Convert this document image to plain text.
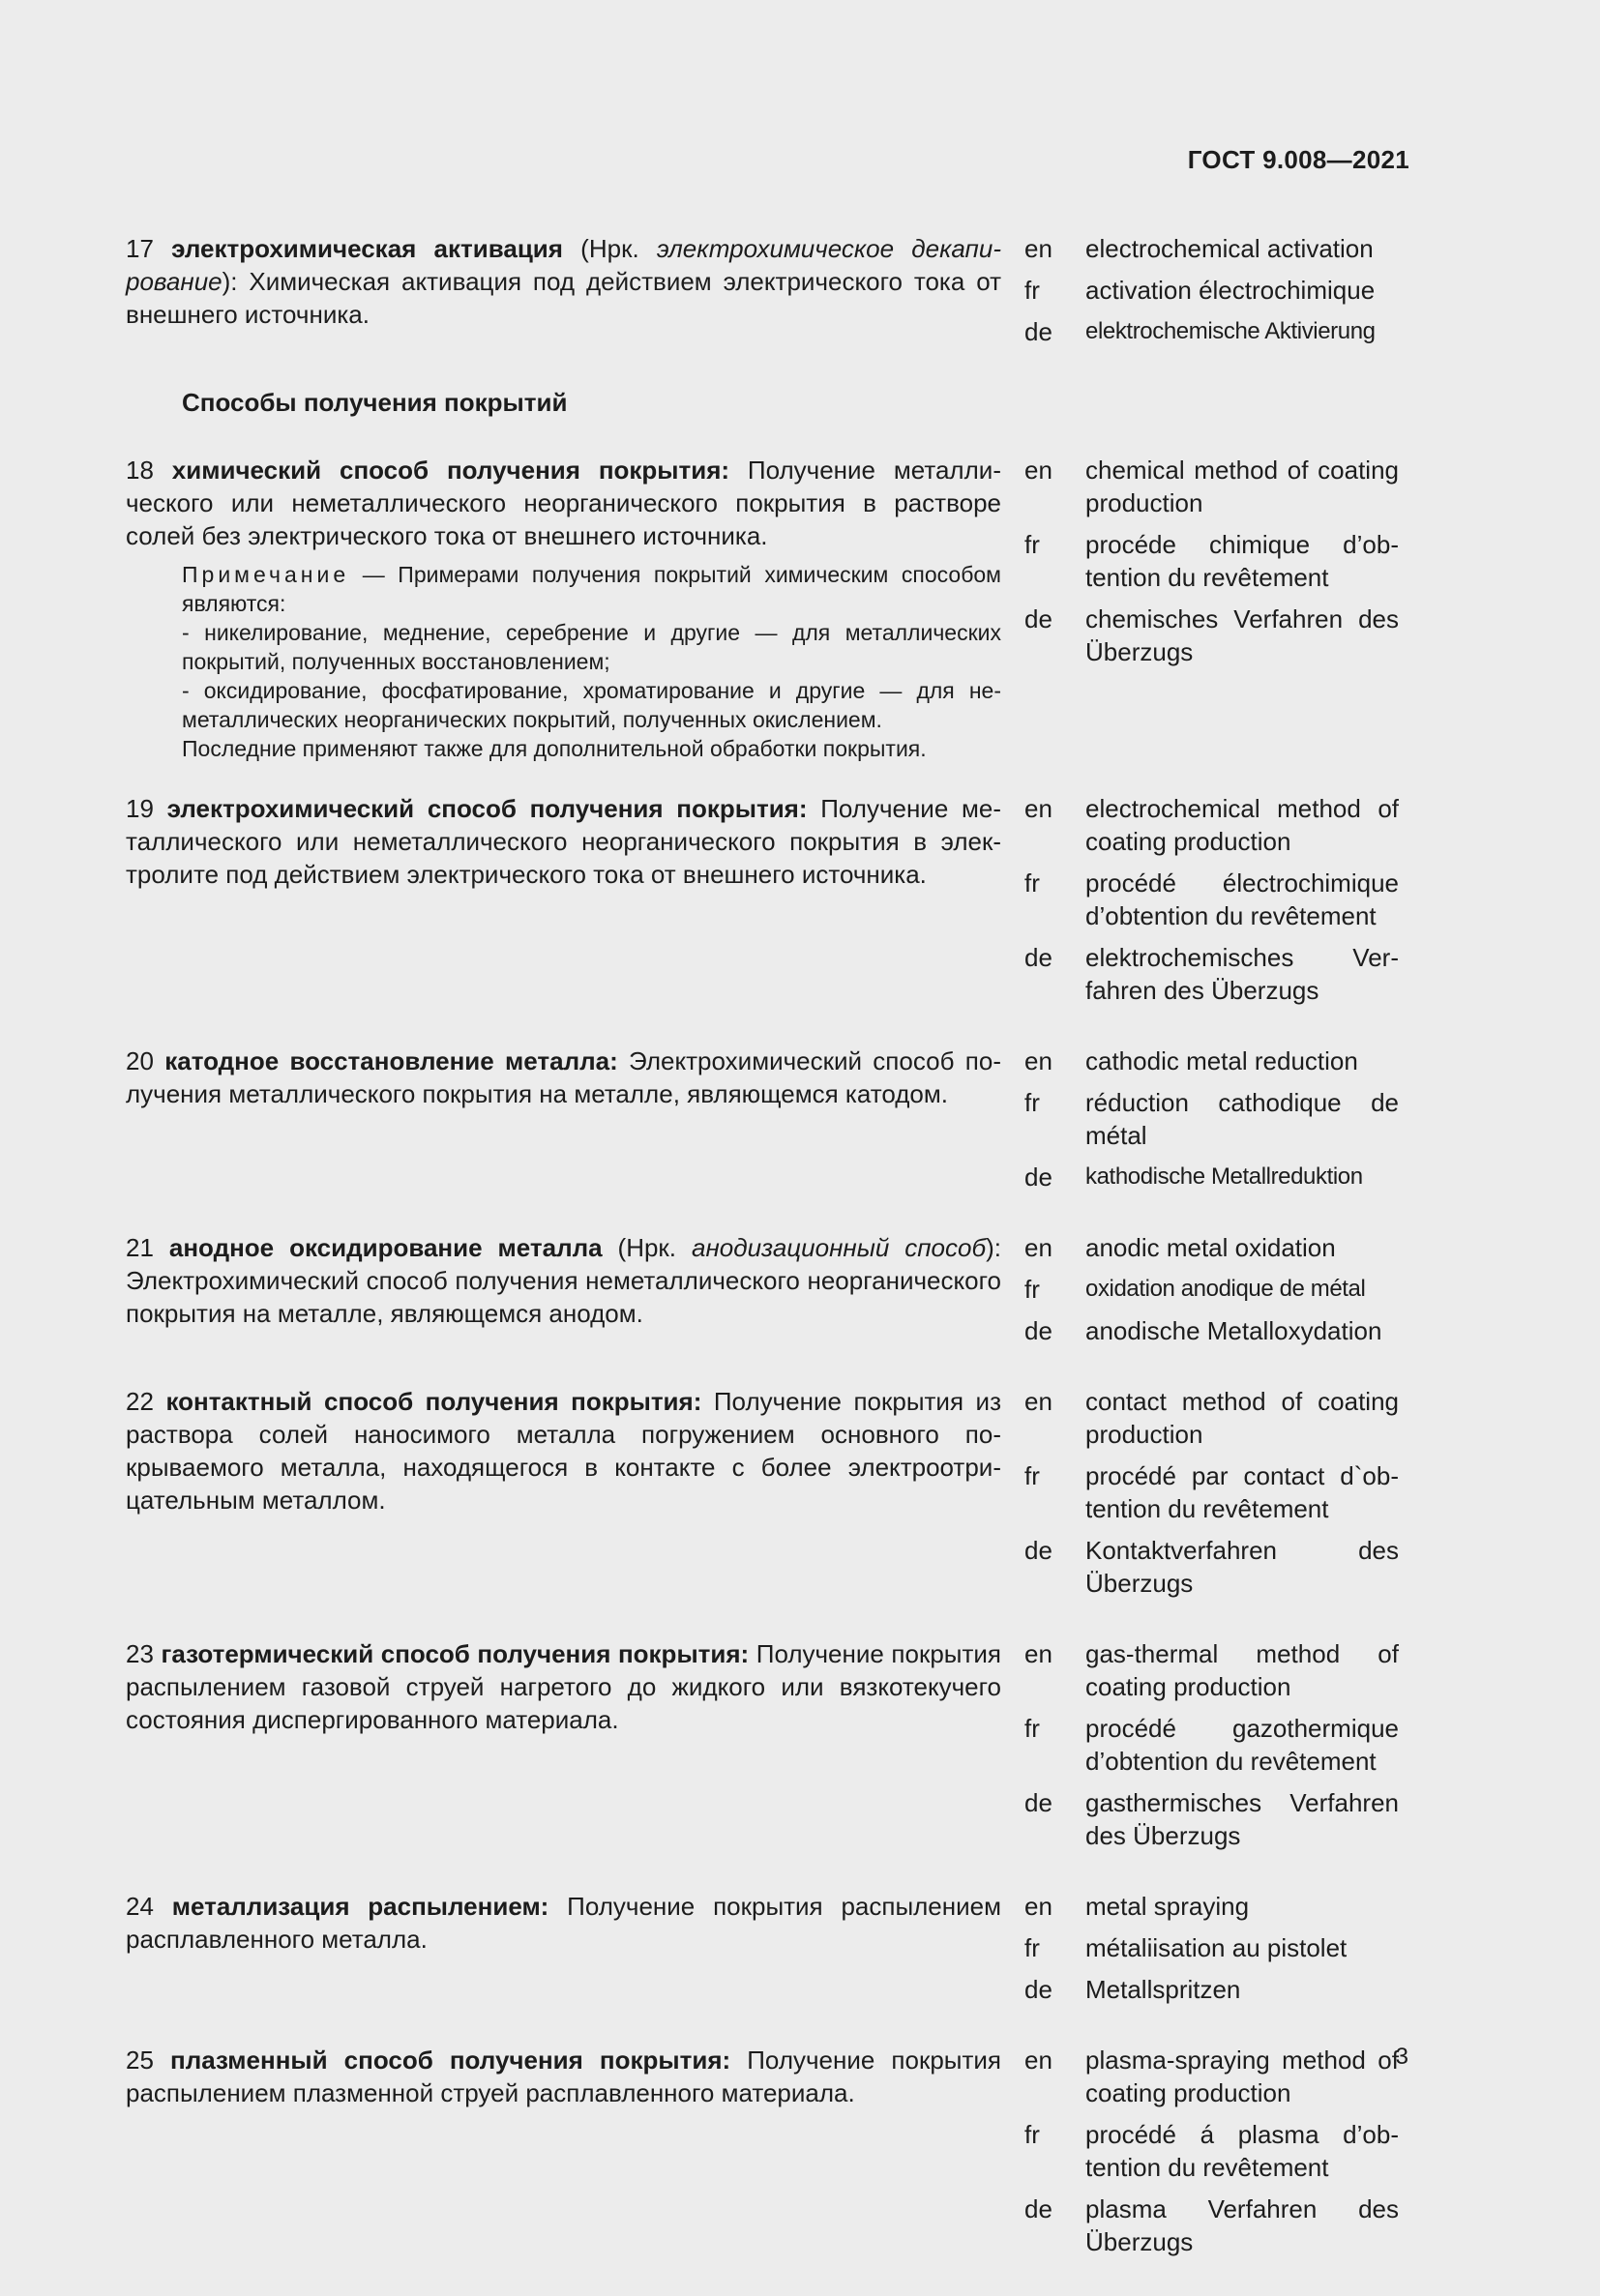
ГОСТ 9.008—2021
17 электрохимическая активация (Нрк. электрохимическое декапирование): Химическая активация под действием электрического тока от внешнего источника.
en	electrochemical activation
fr	activation électrochimique
de	elektrochemische Aktivierung
Способы получения покрытий
18 химический способ получения покрытия: Получение металлического или неметаллического неорганического покрытия в растворе солей без электрического тока от внешнего источника.
Примечание — Примерами получения покрытий химическим способом являются:
- никелирование, меднение, серебрение и другие — для металлических покрытий, полученных восстановлением;
- оксидирование, фосфатирование, хроматирование и другие — для неметаллических неорганических покрытий, полученных окислением.
Последние применяют также для дополнительной обработки покрытия.
en	chemical method of coating production
fr	procéde chimique d’obtention du revêtement
de	chemisches Verfahren des Überzugs
19 электрохимический способ получения покрытия: Получение металлического или неметаллического неорганического покрытия в электролите под действием электрического тока от внешнего источника.
en	electrochemical method of coating production
fr	procédé électrochimique d’obtention du revêtement
de	elektrochemisches Verfahren des Überzugs
20 катодное восстановление металла: Электрохимический способ получения металлического покрытия на металле, являющемся катодом.
en	cathodic metal reduction
fr	réduction cathodique de métal
de	kathodische Metallreduktion
21 анодное оксидирование металла (Нрк. анодизационный способ): Электрохимический способ получения неметаллического неорганического покрытия на металле, являющемся анодом.
en	anodic metal oxidation
fr	oxidation anodique de métal
de	anodische Metalloxydation
22 контактный способ получения покрытия: Получение покрытия из раствора солей наносимого металла погружением основного покрываемого металла, находящегося в контакте с более электроотрицательным металлом.
en	contact method of coating production
fr	procédé par contact d`obtention du revêtement
de	Kontaktverfahren des Überzugs
23 газотермический способ получения покрытия: Получение покрытия распылением газовой струей нагретого до жидкого или вязкотекучего состояния диспергированного материала.
en	gas-thermal method of coating production
fr	procédé gazothermique d’obtention du revêtement
de	gasthermisches Verfahren des Überzugs
24 металлизация распылением: Получение покрытия распылением расплавленного металла.
en	metal spraying
fr	métaliisation au pistolet
de	Metallspritzen
25 плазменный способ получения покрытия: Получение покрытия распылением плазменной струей расплавленного материала.
en	plasma-spraying method of coating production
fr	procédé á plasma d’obtention du revêtement
de	plasma Verfahren des Überzugs
3
